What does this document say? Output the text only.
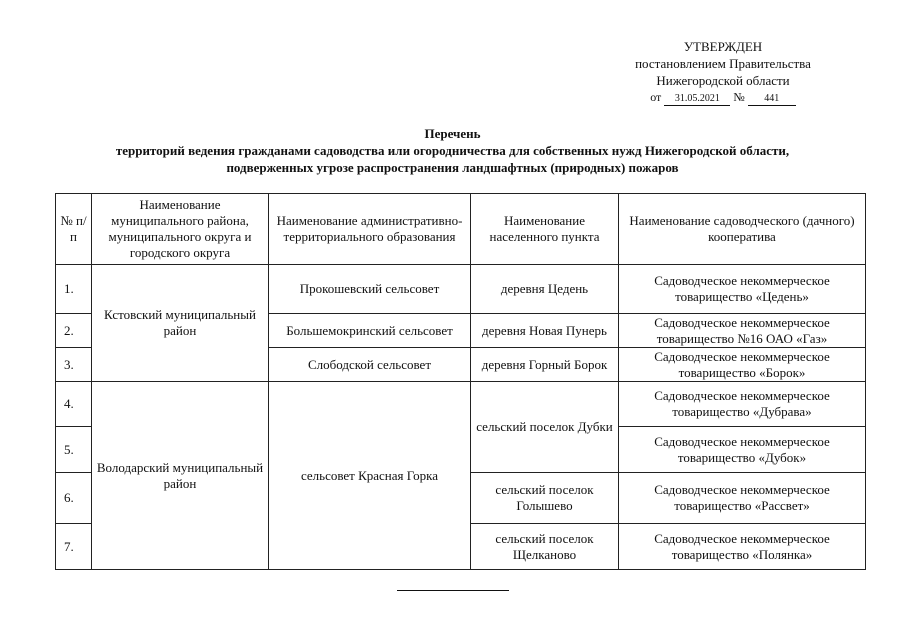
УТВЕРЖДЕН
постановлением Правительства
Нижегородской области
от 31.05.2021 № 441
Перечень
территорий ведения гражданами садоводства или огородничества для собственных нужд Нижегородской области,
подверженных угрозе распространения ландшафтных (природных) пожаров
№ п/п	Наименование муниципального района, муниципального округа и городского округа	Наименование административно-территориального образования	Наименование населенного пункта	Наименование садоводческого (дачного) кооператива
1.	Кстовский муниципальный район	Прокошевский сельсовет	деревня Цедень	Садоводческое некоммерческое товарищество «Цедень»
2.		Большемокринский сельсовет	деревня Новая Пунерь	Садоводческое некоммерческое товарищество №16 ОАО «Газ»
3.		Слободской сельсовет	деревня Горный Борок	Садоводческое некоммерческое товарищество «Борок»
4.	Володарский муниципальный район	сельсовет Красная Горка	сельский поселок Дубки	Садоводческое некоммерческое товарищество «Дубрава»
5.				Садоводческое некоммерческое товарищество «Дубок»
6.			сельский поселок Голышево	Садоводческое некоммерческое товарищество «Рассвет»
7.			сельский поселок Щелканово	Садоводческое некоммерческое товарищество «Полянка»
